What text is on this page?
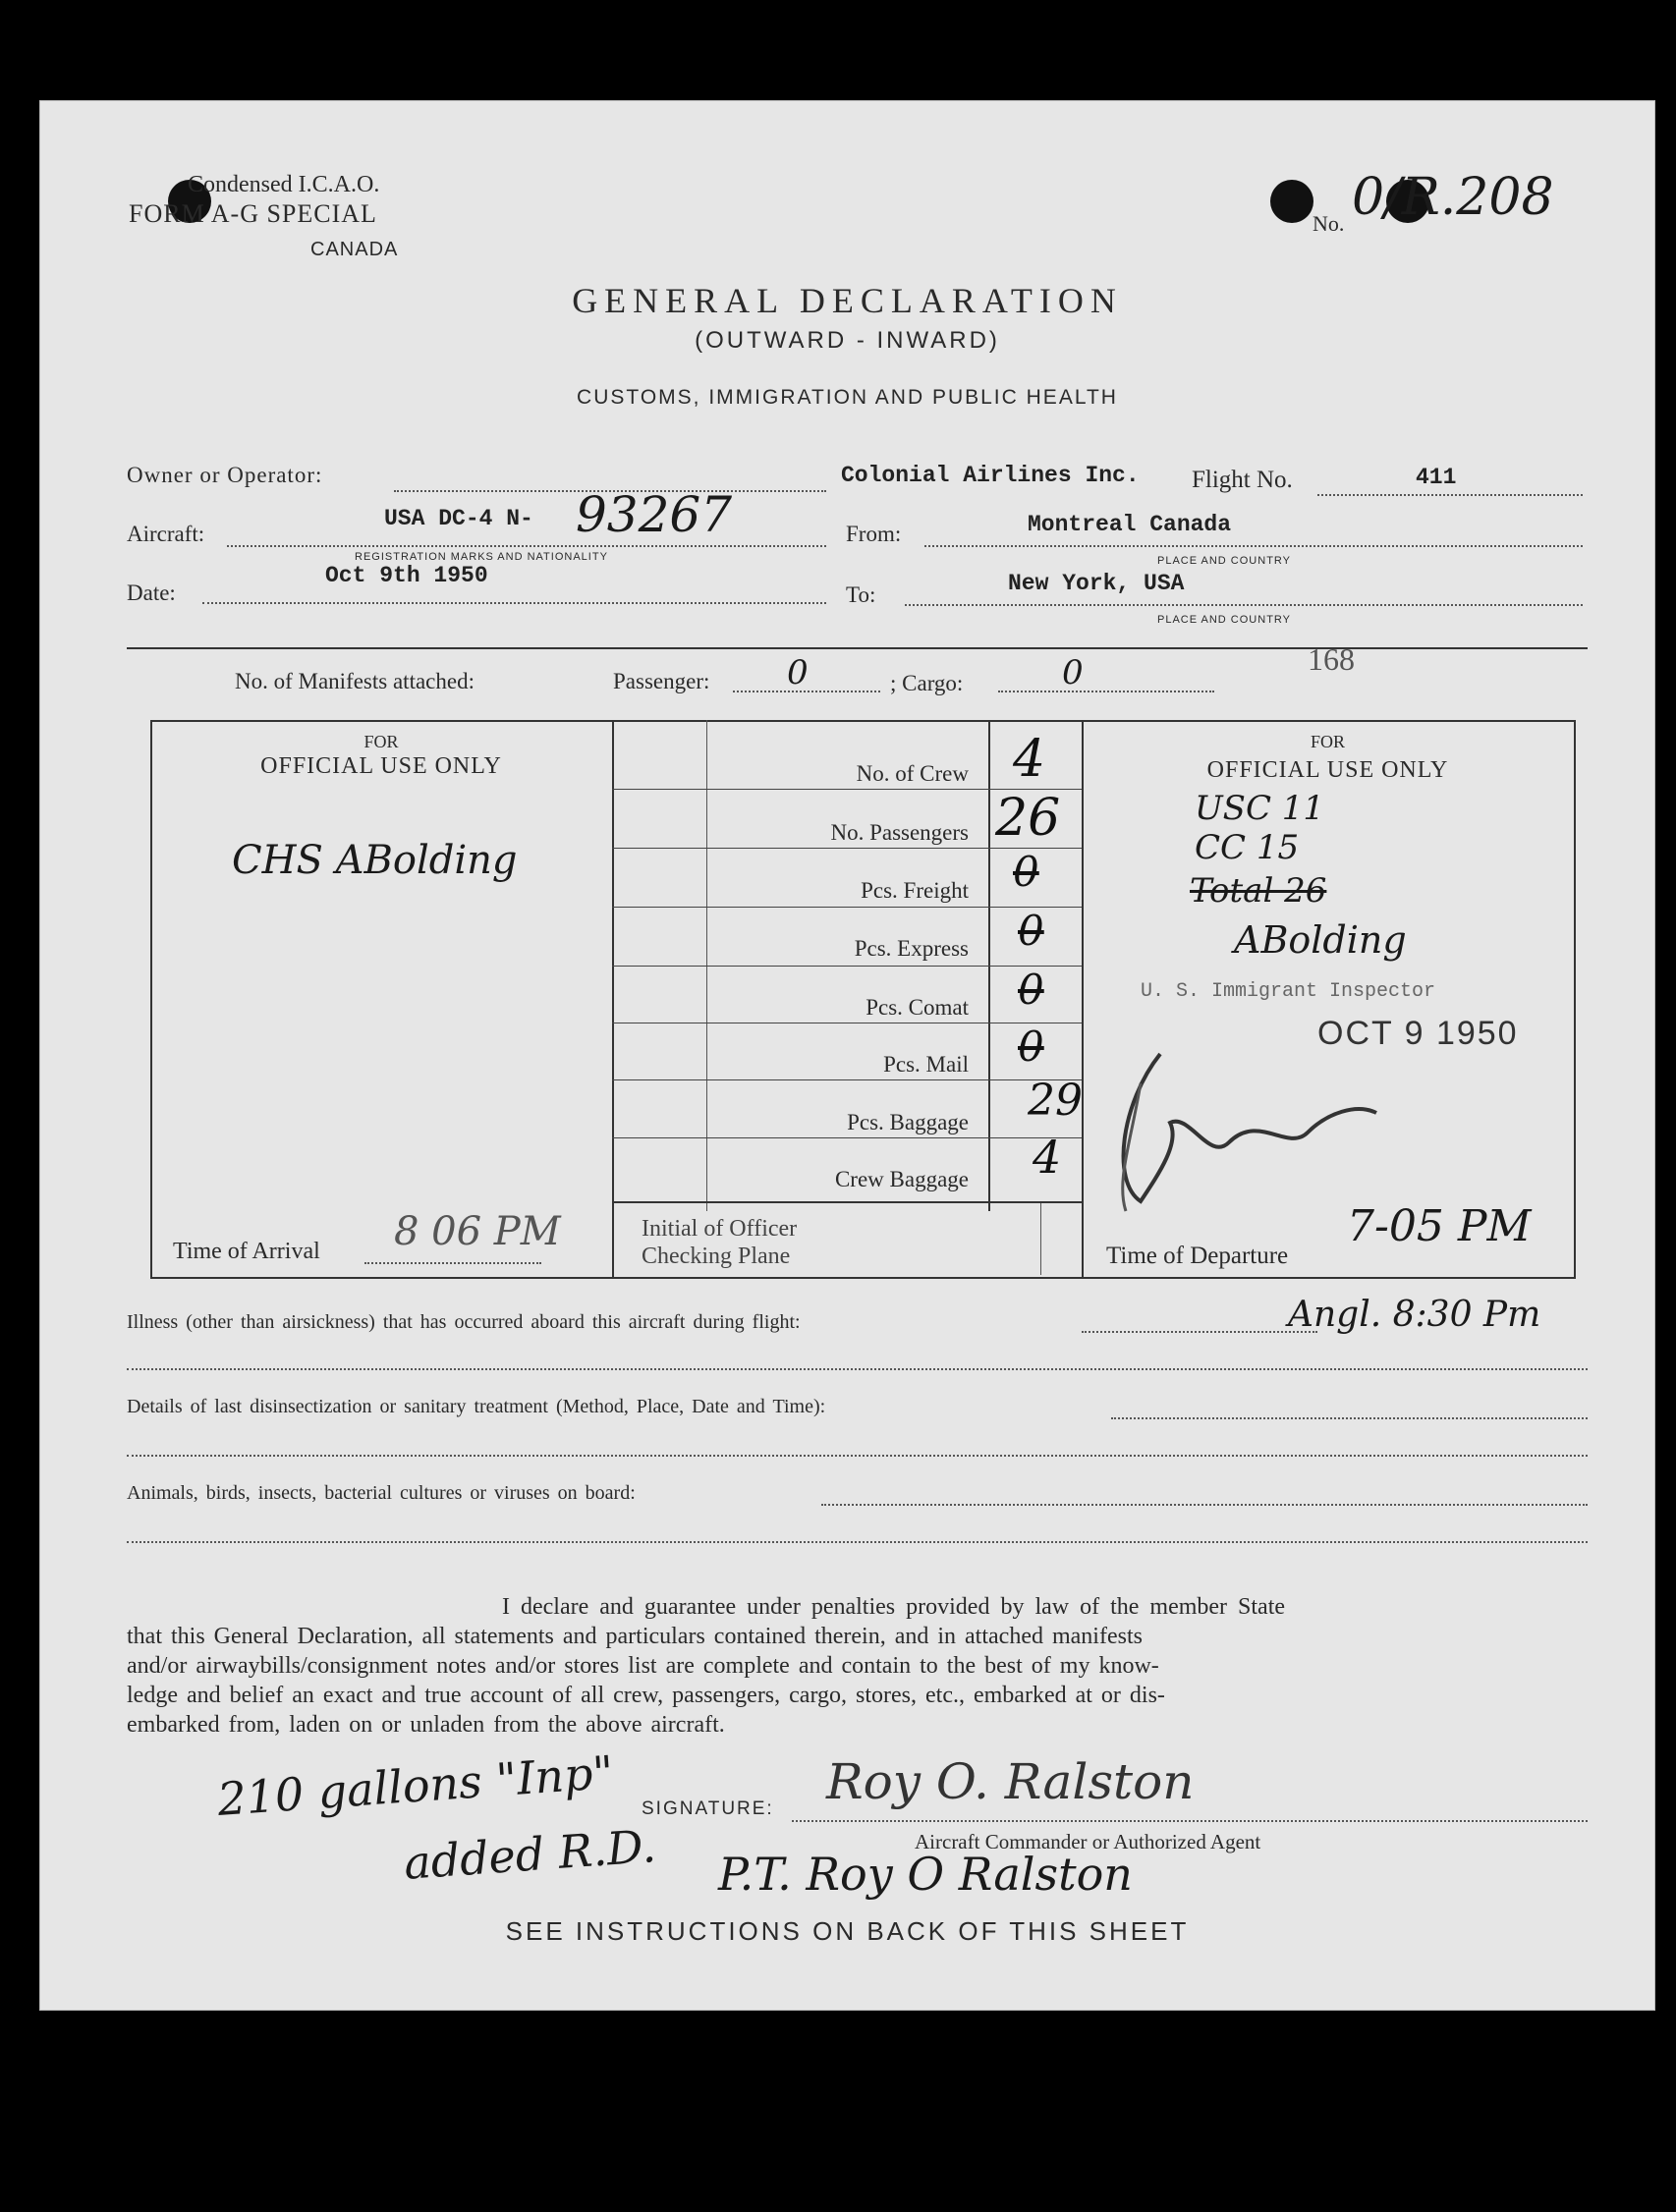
Condensed I.C.A.O.
FORM A-G SPECIAL
CANADA
No. 0/R.208
GENERAL DECLARATION
(OUTWARD - INWARD)
CUSTOMS, IMMIGRATION AND PUBLIC HEALTH
Owner or Operator:	Colonial Airlines Inc. Flight No.	411
Aircraft:
USA DC-4 N- 93267
REGISTRATION MARKS AND NATIONALITY
From:	Montreal Canada
PLACE AND COUNTRY
Date:
Oct 9th 1950
To:	New York, USA
PLACE AND COUNTRY
No. of Manifests attached:	Passenger: 0	; Cargo:	0	168
FOR
OFFICIAL USE ONLY
CHS ABolding
Time of Arrival 8 06 PM
No. of Crew 4
No. Passengers 26
Pcs. Freight 0
Pcs. Express 0
Pcs. Comat 0
Pcs. Mail 0
Pcs. Baggage 29
Crew Baggage 4
Initial of Officer
Checking Plane
FOR
OFFICIAL USE ONLY
USC 11
CC 15
Total 26
ABolding
U. S. Immigrant Inspector
OCT 9 1950
Time of Departure
7-05 PM
Illness (other than airsickness) that has occurred aboard this aircraft during flight:	Angl. 8:30 Pm
Details of last disinsectization or sanitary treatment (Method, Place, Date and Time):
Animals, birds, insects, bacterial cultures or viruses on board:
I declare and guarantee under penalties provided by law of the member State
that this General Declaration, all statements and particulars contained therein, and in attached manifests
and/or airwaybills/consignment notes and/or stores list are complete and contain to the best of my know-
ledge and belief an exact and true account of all crew, passengers, cargo, stores, etc., embarked at or dis-
embarked from, laden on or unladen from the above aircraft.
210 gallons "Inp"
added R.D.
SIGNATURE: Roy O. Ralston
Aircraft Commander or Authorized Agent
P.T. Roy O Ralston
SEE INSTRUCTIONS ON BACK OF THIS SHEET
